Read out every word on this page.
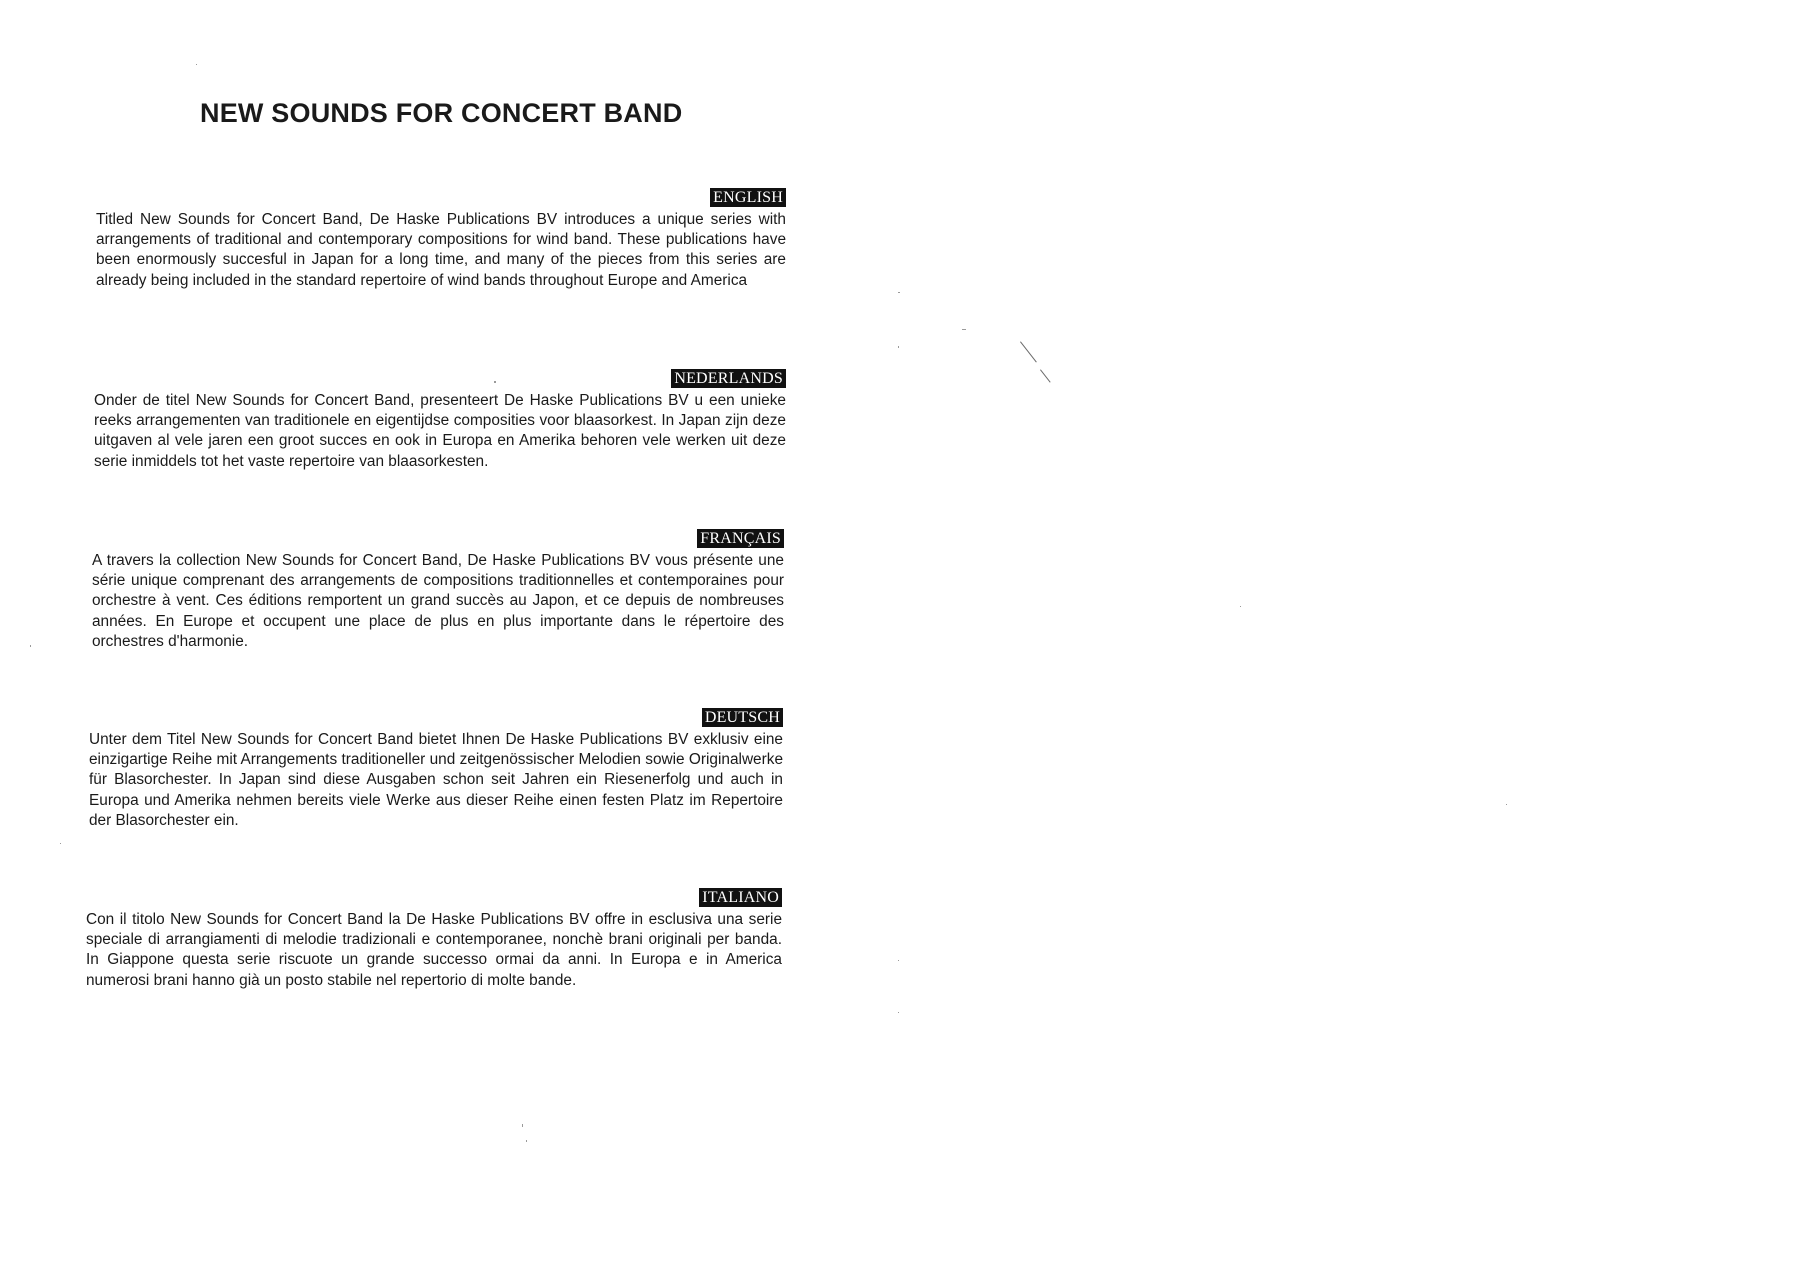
NEW SOUNDS FOR CONCERT BAND
ENGLISH

Titled New Sounds for Concert Band, De Haske Publications BV introduces a unique series with arrangements of traditional and contemporary compositions for wind band. These publications have been enormously succesful in Japan for a long time, and many of the pieces from this series are already being included in the standard repertoire of wind bands throughout Europe and America

NEDERLANDS

Onder de titel New Sounds for Concert Band, presenteert De Haske Publications BV u een unieke reeks arrangementen van traditionele en eigentijdse composities voor blaasorkest. In Japan zijn deze uitgaven al vele jaren een groot succes en ook in Europa en Amerika behoren vele werken uit deze serie inmiddels tot het vaste repertoire van blaasorkesten.

FRANÇAIS

A travers la collection New Sounds for Concert Band, De Haske Publications BV vous présente une série unique comprenant des arrangements de compositions traditionnelles et contemporaines pour orchestre à vent. Ces éditions remportent un grand succès au Japon, et ce depuis de nombreuses années. En Europe et occupent une place de plus en plus importante dans le répertoire des orchestres d'harmonie.

DEUTSCH

Unter dem Titel New Sounds for Concert Band bietet Ihnen De Haske Publications BV exklusiv eine einzigartige Reihe mit Arrangements traditioneller und zeitgenössischer Melodien sowie Originalwerke für Blasorchester. In Japan sind diese Ausgaben schon seit Jahren ein Riesenerfolg und auch in Europa und Amerika nehmen bereits viele Werke aus dieser Reihe einen festen Platz im Repertoire der Blasorchester ein.

ITALIANO

Con il titolo New Sounds for Concert Band la De Haske Publications BV offre in esclusiva una serie speciale di arrangiamenti di melodie tradizionali e contemporanee, nonchè brani originali per banda. In Giappone questa serie riscuote un grande successo ormai da anni. In Europa e in America numerosi brani hanno già un posto stabile nel repertorio di molte bande.
